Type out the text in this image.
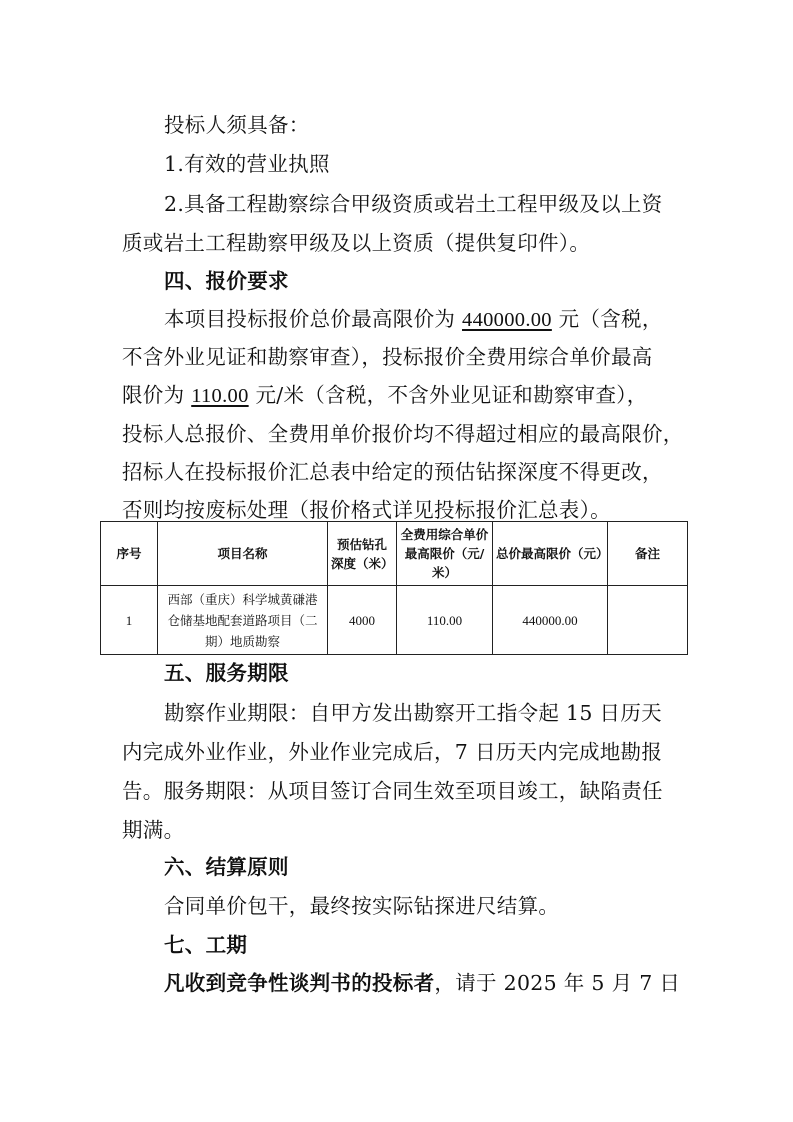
投标人须具备：
1.有效的营业执照
2.具备工程勘察综合甲级资质或岩土工程甲级及以上资
质或岩土工程勘察甲级及以上资质（提供复印件）。
四、报价要求
本项目投标报价总价最高限价为 440000.00 元（含税，
不含外业见证和勘察审查），投标报价全费用综合单价最高
限价为 110.00 元/米（含税，不含外业见证和勘察审查），
投标人总报价、全费用单价报价均不得超过相应的最高限价，
招标人在投标报价汇总表中给定的预估钻探深度不得更改，
否则均按废标处理（报价格式详见投标报价汇总表）。
序号	项目名称	预估钻孔深度（米）	全费用综合单价最高限价（元/米）	总价最高限价（元）	备注
1	西部（重庆）科学城黄磏港仓储基地配套道路项目（二期）地质勘察	4000	110.00	440000.00	
五、服务期限
勘察作业期限：自甲方发出勘察开工指令起 15 日历天
内完成外业作业，外业作业完成后，7 日历天内完成地勘报
告。服务期限：从项目签订合同生效至项目竣工，缺陷责任
期满。
六、结算原则
合同单价包干，最终按实际钻探进尺结算。
七、工期
凡收到竞争性谈判书的投标者，请于 2025 年 5 月 7 日
